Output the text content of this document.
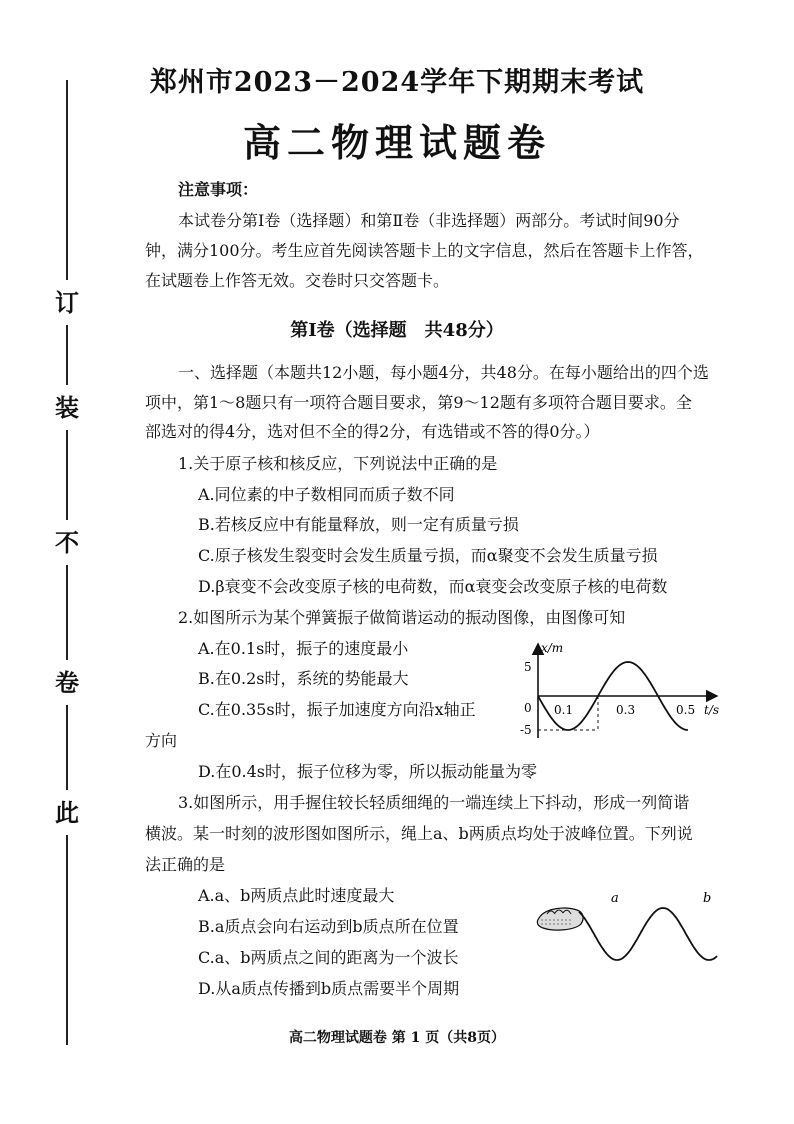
订
装
不
卷
此
郑州市2023－2024学年下期期末考试
高二物理试题卷
注意事项：
本试卷分第Ⅰ卷（选择题）和第Ⅱ卷（非选择题）两部分。考试时间90分
钟，满分100分。考生应首先阅读答题卡上的文字信息，然后在答题卡上作答，
在试题卷上作答无效。交卷时只交答题卡。
第Ⅰ卷（选择题　共48分）
一、选择题（本题共12小题，每小题4分，共48分。在每小题给出的四个选
项中，第1～8题只有一项符合题目要求，第9～12题有多项符合题目要求。全
部选对的得4分，选对但不全的得2分，有选错或不答的得0分。）
1.关于原子核和核反应，下列说法中正确的是
A.同位素的中子数相同而质子数不同
B.若核反应中有能量释放，则一定有质量亏损
C.原子核发生裂变时会发生质量亏损，而α聚变不会发生质量亏损
D.β衰变不会改变原子核的电荷数，而α衰变会改变原子核的电荷数
2.如图所示为某个弹簧振子做简谐运动的振动图像，由图像可知
A.在0.1s时，振子的速度最小
B.在0.2s时，系统的势能最大
C.在0.35s时，振子加速度方向沿x轴正
方向
D.在0.4s时，振子位移为零，所以振动能量为零
x/m
t/s
5
-5
0 0.1	0.3	0.5
3.如图所示，用手握住较长轻质细绳的一端连续上下抖动，形成一列简谐
横波。某一时刻的波形图如图所示，绳上a、b两质点均处于波峰位置。下列说
法正确的是
A.a、b两质点此时速度最大
B.a质点会向右运动到b质点所在位置
C.a、b两质点之间的距离为一个波长
D.从a质点传播到b质点需要半个周期
a	b
高二物理试题卷 第 1 页（共8页）
